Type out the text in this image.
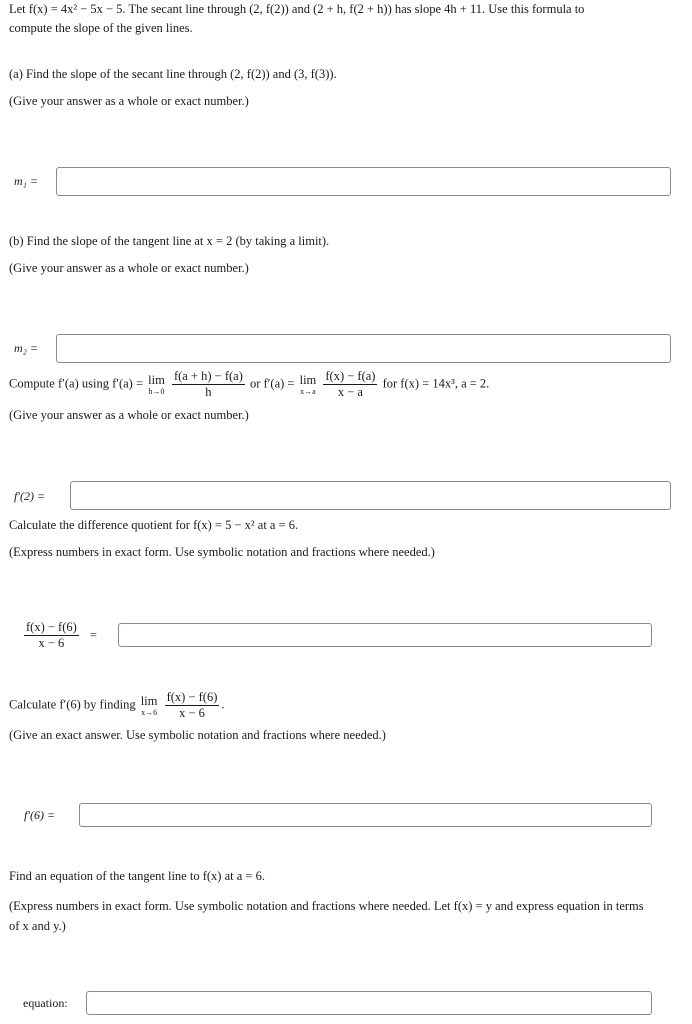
Let f(x) = 4x² − 5x − 5. The secant line through (2, f(2)) and (2 + h, f(2 + h)) has slope 4h + 11. Use this formula to
compute the slope of the given lines.
(a) Find the slope of the secant line through (2, f(2)) and (3, f(3)).
(Give your answer as a whole or exact number.)
m₁ =
(b) Find the slope of the tangent line at x = 2 (by taking a limit).
(Give your answer as a whole or exact number.)
m₂ =
Compute f′(a) using f′(a) = lim
h→0
$\frac{f(a + h) - f(a)}{h}$ or f′(a) = lim
x→a
$\frac{f(x) - f(a)}{x - a}$ for f(x) = 14x³, a = 2.
(Give your answer as a whole or exact number.)
f′(2) =
Calculate the difference quotient for f(x) = 5 − x² at a = 6.
(Express numbers in exact form. Use symbolic notation and fractions where needed.)
$\frac{f(x) - f(6)}{x - 6}$ =
Calculate f′(6) by finding lim
x→6
$\frac{f(x) - f(6)}{x - 6}$ .
(Give an exact answer. Use symbolic notation and fractions where needed.)
f′(6) =
Find an equation of the tangent line to f(x) at a = 6.
(Express numbers in exact form. Use symbolic notation and fractions where needed. Let f(x) = y and express equation in terms
of x and y.)
equation:
